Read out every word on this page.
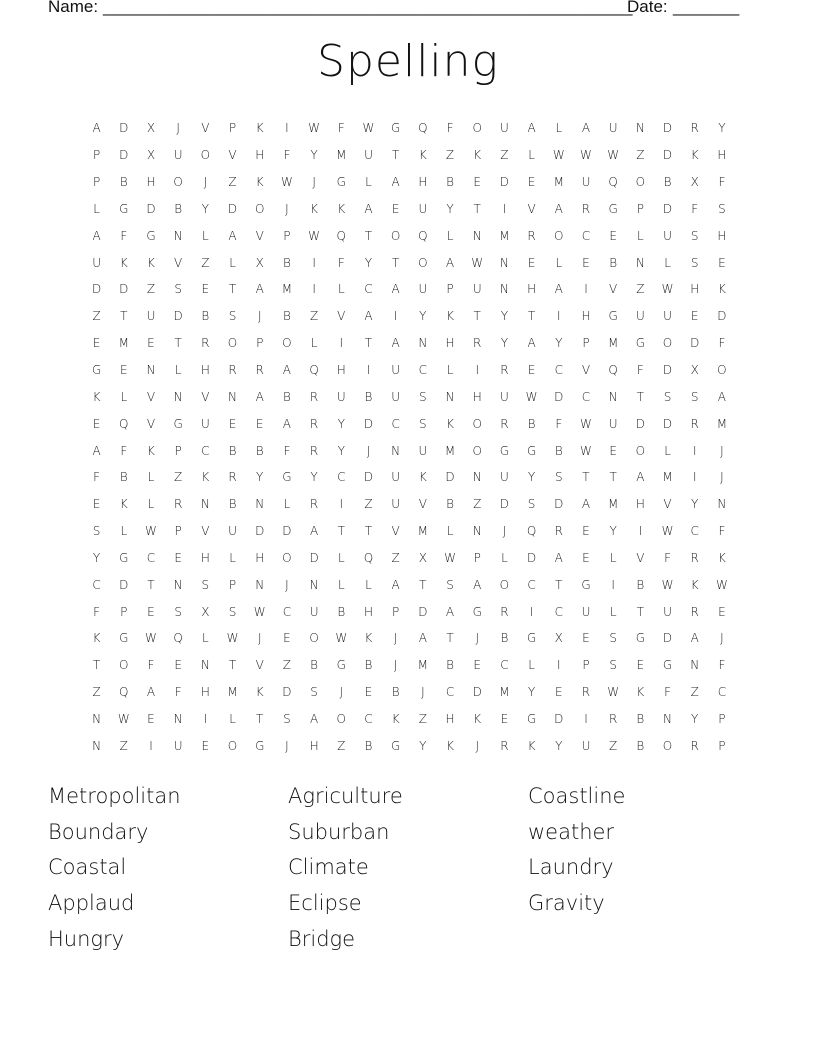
Name: ________________________________________________________
Date: _______
Spelling
A	D	X	J	V	P	K	I	W	F	W	G	Q	F	O	U	A	L	A	U	N	D	R	Y
P	D	X	U	O	V	H	F	Y	M	U	T	K	Z	K	Z	L	W	W	W	Z	D	K	H
P	B	H	O	J	Z	K	W	J	G	L	A	H	B	E	D	E	M	U	Q	O	B	X	F
L	G	D	B	Y	D	O	J	K	K	A	E	U	Y	T	I	V	A	R	G	P	D	F	S
A	F	G	N	L	A	V	P	W	Q	T	O	Q	L	N	M	R	O	C	E	L	U	S	H
U	K	K	V	Z	L	X	B	I	F	Y	T	O	A	W	N	E	L	E	B	N	L	S	E
D	D	Z	S	E	T	A	M	I	L	C	A	U	P	U	N	H	A	I	V	Z	W	H	K
Z	T	U	D	B	S	J	B	Z	V	A	I	Y	K	T	Y	T	I	H	G	U	U	E	D
E	M	E	T	R	O	P	O	L	I	T	A	N	H	R	Y	A	Y	P	M	G	O	D	F
G	E	N	L	H	R	R	A	Q	H	I	U	C	L	I	R	E	C	V	Q	F	D	X	O
K	L	V	N	V	N	A	B	R	U	B	U	S	N	H	U	W	D	C	N	T	S	S	A
E	Q	V	G	U	E	E	A	R	Y	D	C	S	K	O	R	B	F	W	U	D	D	R	M
A	F	K	P	C	B	B	F	R	Y	J	N	U	M	O	G	G	B	W	E	O	L	I	J
F	B	L	Z	K	R	Y	G	Y	C	D	U	K	D	N	U	Y	S	T	T	A	M	I	J
E	K	L	R	N	B	N	L	R	I	Z	U	V	B	Z	D	S	D	A	M	H	V	Y	N
S	L	W	P	V	U	D	D	A	T	T	V	M	L	N	J	Q	R	E	Y	I	W	C	F
Y	G	C	E	H	L	H	O	D	L	Q	Z	X	W	P	L	D	A	E	L	V	F	R	K
C	D	T	N	S	P	N	J	N	L	L	A	T	S	A	O	C	T	G	I	B	W	K	W
F	P	E	S	X	S	W	C	U	B	H	P	D	A	G	R	I	C	U	L	T	U	R	E
K	G	W	Q	L	W	J	E	O	W	K	J	A	T	J	B	G	X	E	S	G	D	A	J
T	O	F	E	N	T	V	Z	B	G	B	J	M	B	E	C	L	I	P	S	E	G	N	F
Z	Q	A	F	H	M	K	D	S	J	E	B	J	C	D	M	Y	E	R	W	K	F	Z	C
N	W	E	N	I	L	T	S	A	O	C	K	Z	H	K	E	G	D	I	R	B	N	Y	P
N	Z	I	U	E	O	G	J	H	Z	B	G	Y	K	J	R	K	Y	U	Z	B	O	R	P
Metropolitan
Boundary
Coastal
Applaud
Hungry
Agriculture
Suburban
Climate
Eclipse
Bridge
Coastline
weather
Laundry
Gravity
